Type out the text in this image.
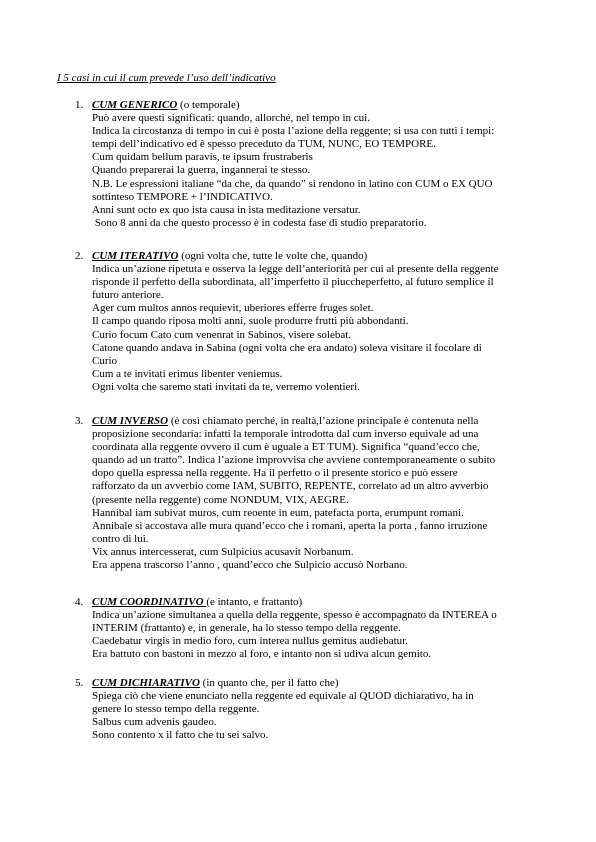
I 5 casi in cui il cum prevede l’uso dell’indicativo
1. CUM GENERICO (o temporale)
Può avere questi significati: quando, allorché, nel tempo in cui.
Indica la circostanza di tempo in cui è posta l’azione della reggente; si usa con tutti i tempi:
tempi dell’indicativo ed è spesso preceduto da TUM, NUNC, EO TEMPORE.
Cum quidam bellum paravis, te ipsum frustraberis
Quando preparerai la guerra, ingannerai te stesso.
N.B. Le espressioni italiane “da che, da quando” si rendono in latino con CUM o EX QUO
sottinteso TEMPORE + l’INDICATIVO.
Anni sunt octo ex quo ista causa in ista meditazione versatur.
Sono 8 anni da che questo processo è in codesta fase di studio preparatorio.
2. CUM ITERATIVO (ogni volta che, tutte le volte che, quando)
Indica un’azione ripetuta e osserva la legge dell’anteriorità per cui al presente della reggente
risponde il perfetto della subordinata, all’imperfetto il piuccheperfetto, al futuro semplice il
futuro anteriore.
Ager cum multos annos requievit, uberiores efferre fruges solet.
Il campo quando riposa molti anni, suole produrre frutti più abbondanti.
Curio focum Cato cum venenrat in Sabinos, visere solebat.
Catone quando andava in Sabina (ogni volta che era andato) soleva visitare il focolare di
Curio
Cum a te invitati erimus libenter veniemus.
Ogni volta che saremo stati invitati da te, verremo volentieri.
3. CUM INVERSO (è così chiamato perché, in realtà,l’azione principale è contenuta nella
proposizione secondaria: infatti la temporale introdotta dal cum inverso equivale ad una
coordinata alla reggente ovvero il cum è uguale a ET TUM). Significa “quand’ecco che,
quando ad un tratto”. Indica l’azione improvvisa che avviene contemporaneamente o subito
dopo quella espressa nella reggente. Ha il perfetto o il presente storico e può essere
rafforzato da un avverbio come IAM, SUBITO, REPENTE, correlato ad un altro avverbio
(presente nella reggente) come NONDUM, VIX, AEGRE.
Hannibal iam subivat muros, cum reoente in eum, patefacta porta, erumpunt romani.
Annibale si accostava alle mura quand’ecco che i romani, aperta la porta , fanno irruzione
contro di lui.
Vix annus intercesserat, cum Sulpicius acusavit Norbanum.
Era appena trascorso l’anno , quand’ecco che Sulpicio accusò Norbano.
4. CUM COORDINATIVO (e intanto, e frattanto)
Indica un’azione simultanea a quella della reggente, spesso è accompagnato da INTEREA o
INTERIM (frattanto) e, in generale, ha lo stesso tempo della reggente.
Caedebatur virgis in medio foro, cum interea nullus gemitus audiebatur.
Era battuto con bastoni in mezzo al foro, e intanto non si udiva alcun gemito.
5. CUM DICHIARATIVO (in quanto che, per il fatto che)
Spiega ciò che viene enunciato nella reggente ed equivale al QUOD dichiarativo, ha in
genere lo stesso tempo della reggente.
Salbus cum advenis gaudeo.
Sono contento x il fatto che tu sei salvo.
